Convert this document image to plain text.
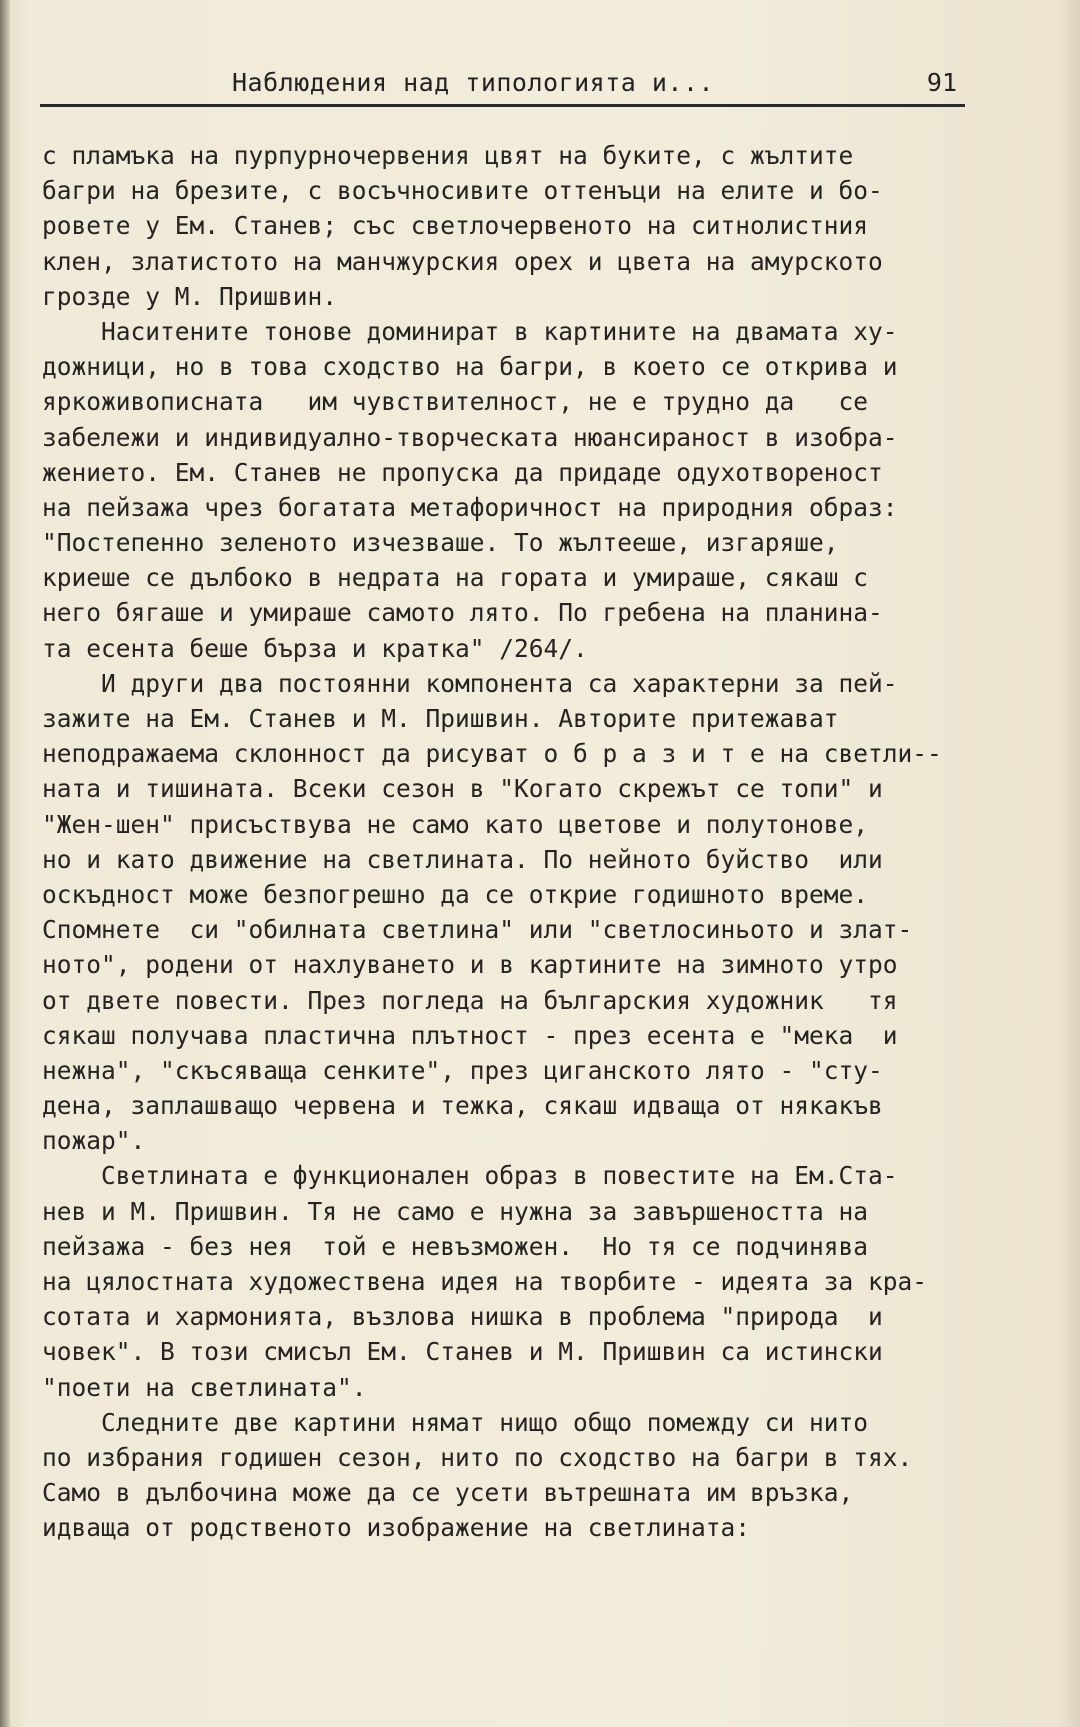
Наблюдения над типологията и...	91
с пламъка на пурпурночервения цвят на буките, с жълтите
багри на брезите, с восъчносивите оттенъци на елите и бо-
ровете у Ем. Станев; със светлочервеното на ситнолистния
клен, златистото на манчжурския орех и цвета на амурското
грозде у М. Пришвин.
Наситените тонове доминират в картините на двамата ху-
дожници, но в това сходство на багри, в което се открива и
яркоживописната   им чувствителност, не е трудно да   се
забележи и индивидуално-творческата нюансираност в изобра-
жението. Ем. Станев не пропуска да придаде одухотвореност
на пейзажа чрез богатата метафоричност на природния образ:
"Постепенно зеленото изчезваше. То жълтееше, изгаряше,
криеше се дълбоко в недрата на гората и умираше, сякаш с
него бягаше и умираше самото лято. По гребена на планина-
та есента беше бърза и кратка" /264/.
И други два постоянни компонента са характерни за пей-
зажите на Ем. Станев и М. Пришвин. Авторите притежават
неподражаема склонност да рисуват о б р а з и т е на светли--
ната и тишината. Всеки сезон в "Когато скрежът се топи" и
"Жен-шен" присъствува не само като цветове и полутонове,
но и като движение на светлината. По нейното буйство  или
оскъдност може безпогрешно да се открие годишното време.
Спомнете  си "обилната светлина" или "светлосиньото и злат-
ното", родени от нахлуването и в картините на зимното утро
от двете повести. През погледа на българския художник   тя
сякаш получава пластична плътност - през есента е "мека  и
нежна", "скъсяваща сенките", през циганското лято - "сту-
дена, заплашващо червена и тежка, сякаш идваща от някакъв
пожар".
Светлината е функционален образ в повестите на Ем.Ста-
нев и М. Пришвин. Тя не само е нужна за завършеността на
пейзажа - без нея  той е невъзможен.  Но тя се подчинява
на цялостната художествена идея на творбите - идеята за кра-
сотата и хармонията, възлова нишка в проблема "природа  и
човек". В този смисъл Ем. Станев и М. Пришвин са истински
"поети на светлината".
Следните две картини нямат нищо общо помежду си нито
по избрания годишен сезон, нито по сходство на багри в тях.
Само в дълбочина може да се усети вътрешната им връзка,
идваща от родственото изображение на светлината:
